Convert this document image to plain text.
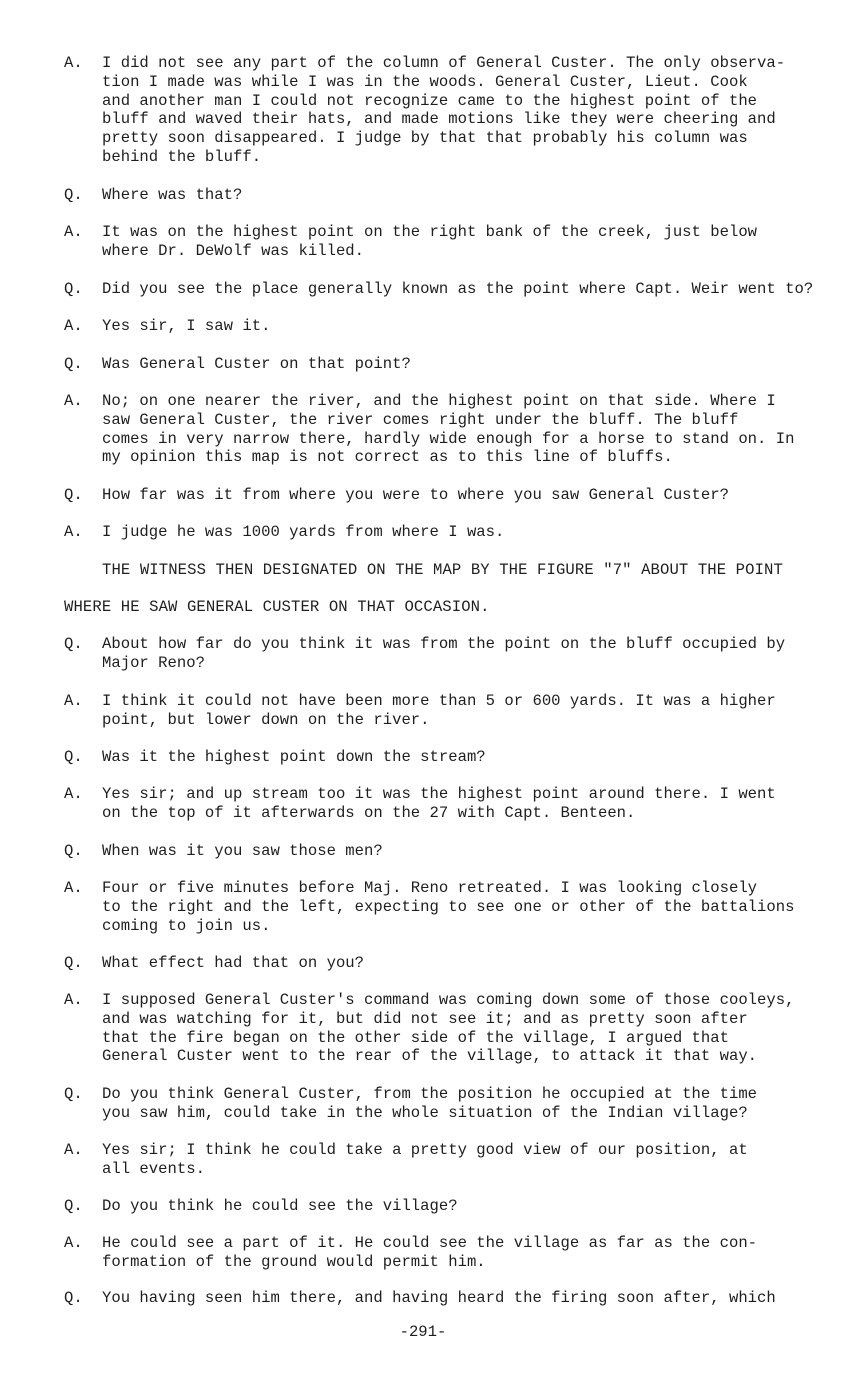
A.	I did not see any part of the column of General Custer. The only observa-
tion I made was while I was in the woods. General Custer, Lieut. Cook
and another man I could not recognize came to the highest point of the
bluff and waved their hats, and made motions like they were cheering and
pretty soon disappeared. I judge by that that probably his column was
behind the bluff.
Q.	Where was that?
A.	It was on the highest point on the right bank of the creek, just below
where Dr. DeWolf was killed.
Q.	Did you see the place generally known as the point where Capt. Weir went to?
A.	Yes sir, I saw it.
Q.	Was General Custer on that point?
A.	No; on one nearer the river, and the highest point on that side. Where I
saw General Custer, the river comes right under the bluff. The bluff
comes in very narrow there, hardly wide enough for a horse to stand on. In
my opinion this map is not correct as to this line of bluffs.
Q.	How far was it from where you were to where you saw General Custer?
A.	I judge he was 1000 yards from where I was.
THE WITNESS THEN DESIGNATED ON THE MAP BY THE FIGURE "7" ABOUT THE POINT
WHERE HE SAW GENERAL CUSTER ON THAT OCCASION.
Q.	About how far do you think it was from the point on the bluff occupied by
Major Reno?
A.	I think it could not have been more than 5 or 600 yards. It was a higher
point, but lower down on the river.
Q.	Was it the highest point down the stream?
A.	Yes sir; and up stream too it was the highest point around there. I went
on the top of it afterwards on the 27 with Capt. Benteen.
Q.	When was it you saw those men?
A.	Four or five minutes before Maj. Reno retreated. I was looking closely
to the right and the left, expecting to see one or other of the battalions
coming to join us.
Q.	What effect had that on you?
A.	I supposed General Custer's command was coming down some of those cooleys,
and was watching for it, but did not see it; and as pretty soon after
that the fire began on the other side of the village, I argued that
General Custer went to the rear of the village, to attack it that way.
Q.	Do you think General Custer, from the position he occupied at the time
you saw him, could take in the whole situation of the Indian village?
A.	Yes sir; I think he could take a pretty good view of our position, at
all events.
Q.	Do you think he could see the village?
A.	He could see a part of it. He could see the village as far as the con-
formation of the ground would permit him.
Q.	You having seen him there, and having heard the firing soon after, which
-291-
